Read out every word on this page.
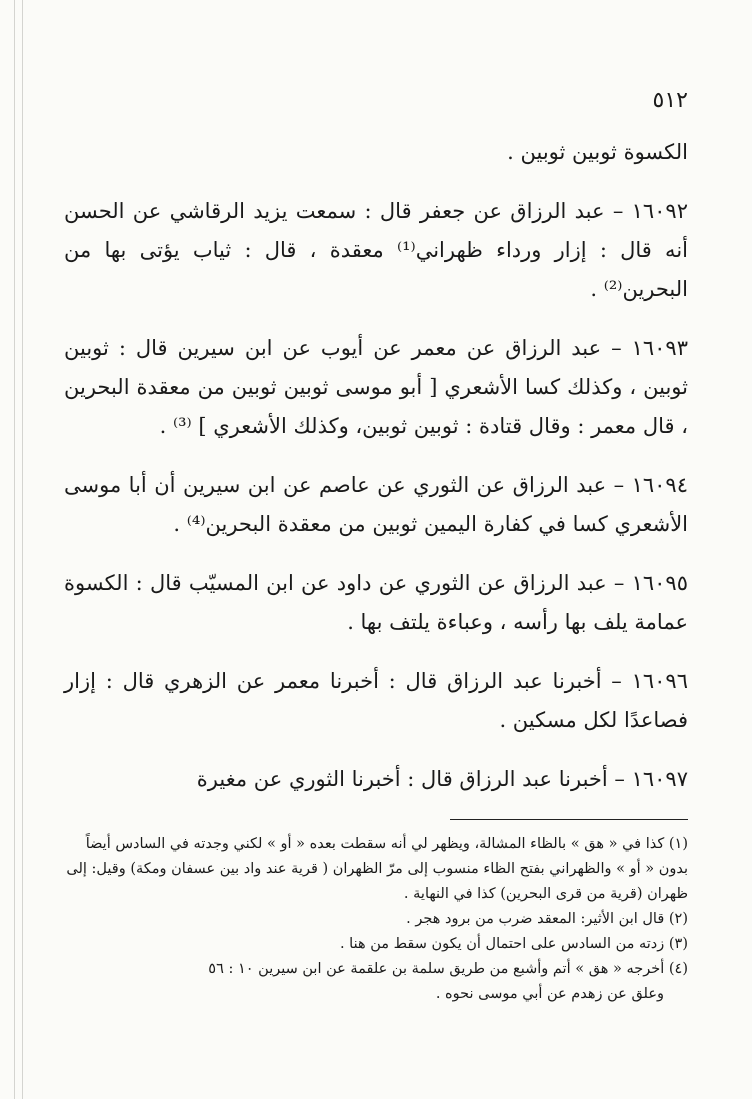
٥١٢

الكسوة ثوبين ثوبين .

١٦٠٩٢ – عبد الرزاق عن جعفر قال : سمعت يزيد الرقاشي عن الحسن أنه قال : إزار ورداء ظهراني⁽¹⁾ معقدة ، قال : ثياب يؤتى بها من البحرين⁽²⁾ .

١٦٠٩٣ – عبد الرزاق عن معمر عن أيوب عن ابن سيرين قال : ثوبين ثوبين ، وكذلك كسا الأشعري [ أبو موسى ثوبين ثوبين من معقدة البحرين ، قال معمر : وقال قتادة : ثوبين ثوبين، وكذلك الأشعري ] ⁽³⁾ .

١٦٠٩٤ – عبد الرزاق عن الثوري عن عاصم عن ابن سيرين أن أبا موسى الأشعري كسا في كفارة اليمين ثوبين من معقدة البحرين⁽⁴⁾ .

١٦٠٩٥ – عبد الرزاق عن الثوري عن داود عن ابن المسيّب قال : الكسوة عمامة يلف بها رأسه ، وعباءة يلتف بها .

١٦٠٩٦ – أخبرنا عبد الرزاق قال : أخبرنا معمر عن الزهري قال : إزار فصاعدًا لكل مسكين .

١٦٠٩٧ – أخبرنا عبد الرزاق قال : أخبرنا الثوري عن مغيرة

(١) كذا في « هق » بالظاء المشالة، ويظهر لي أنه سقطت بعده « أو » لكني وجدته في السادس أيضاً بدون « أو » والظهراني بفتح الظاء منسوب إلى مرّ الظهران ( قرية عند واد بين عسفان ومكة) وقيل: إلى ظهران (قرية من قرى البحرين) كذا في النهاية .

(٢) قال ابن الأثير: المعقد ضرب من برود هجر .

(٣) زدته من السادس على احتمال أن يكون سقط من هنا .

(٤) أخرجه « هق » أتم وأشبع من طريق سلمة بن علقمة عن ابن سيرين ١٠ : ٥٦

وعلق عن زهدم عن أبي موسى نحوه .
